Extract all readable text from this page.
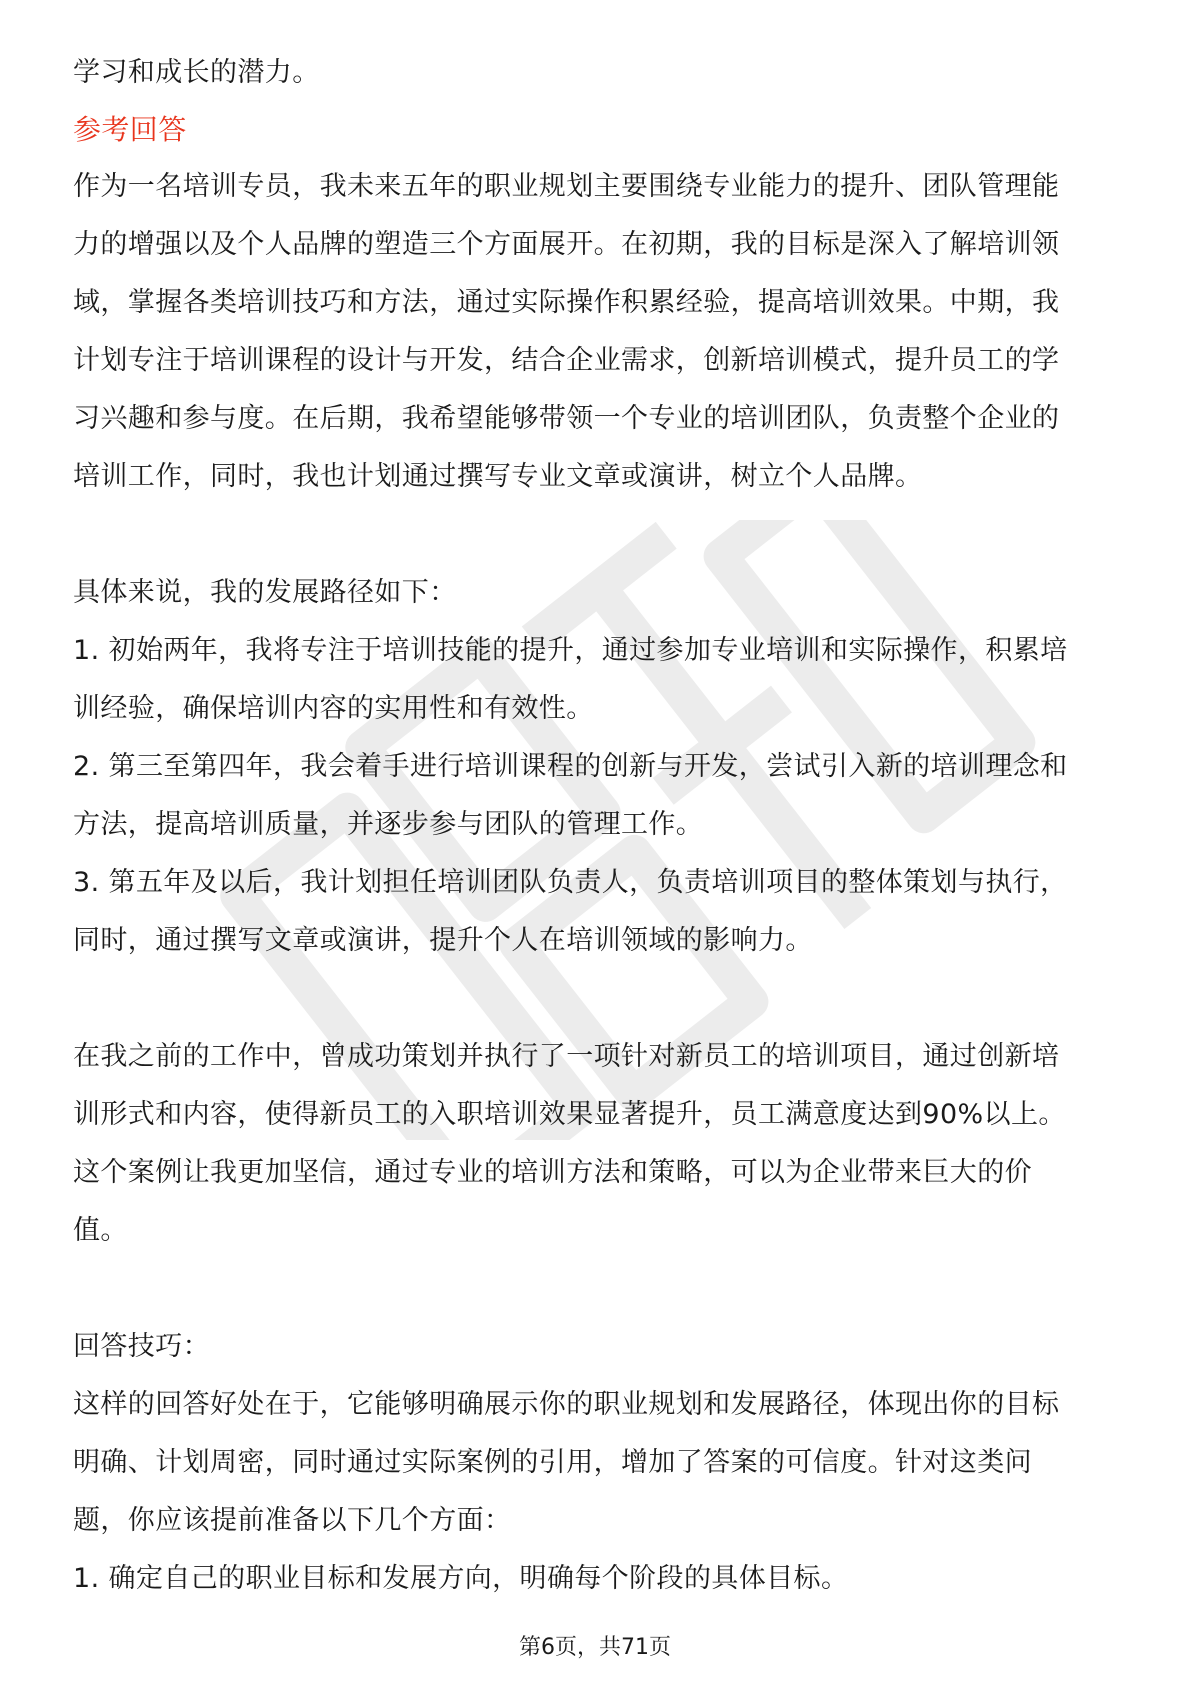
学习和成长的潜力。
参考回答
作为一名培训专员，我未来五年的职业规划主要围绕专业能力的提升、团队管理能
力的增强以及个人品牌的塑造三个方面展开。在初期，我的目标是深入了解培训领
域，掌握各类培训技巧和方法，通过实际操作积累经验，提高培训效果。中期，我
计划专注于培训课程的设计与开发，结合企业需求，创新培训模式，提升员工的学
习兴趣和参与度。在后期，我希望能够带领一个专业的培训团队，负责整个企业的
培训工作，同时，我也计划通过撰写专业文章或演讲，树立个人品牌。
具体来说，我的发展路径如下：
1. 初始两年，我将专注于培训技能的提升，通过参加专业培训和实际操作，积累培
训经验，确保培训内容的实用性和有效性。
2. 第三至第四年，我会着手进行培训课程的创新与开发，尝试引入新的培训理念和
方法，提高培训质量，并逐步参与团队的管理工作。
3. 第五年及以后，我计划担任培训团队负责人，负责培训项目的整体策划与执行，
同时，通过撰写文章或演讲，提升个人在培训领域的影响力。
在我之前的工作中，曾成功策划并执行了一项针对新员工的培训项目，通过创新培
训形式和内容，使得新员工的入职培训效果显著提升，员工满意度达到90%以上。
这个案例让我更加坚信，通过专业的培训方法和策略，可以为企业带来巨大的价
值。
回答技巧：
这样的回答好处在于，它能够明确展示你的职业规划和发展路径，体现出你的目标
明确、计划周密，同时通过实际案例的引用，增加了答案的可信度。针对这类问
题，你应该提前准备以下几个方面：
1. 确定自己的职业目标和发展方向，明确每个阶段的具体目标。
第6页，共71页
